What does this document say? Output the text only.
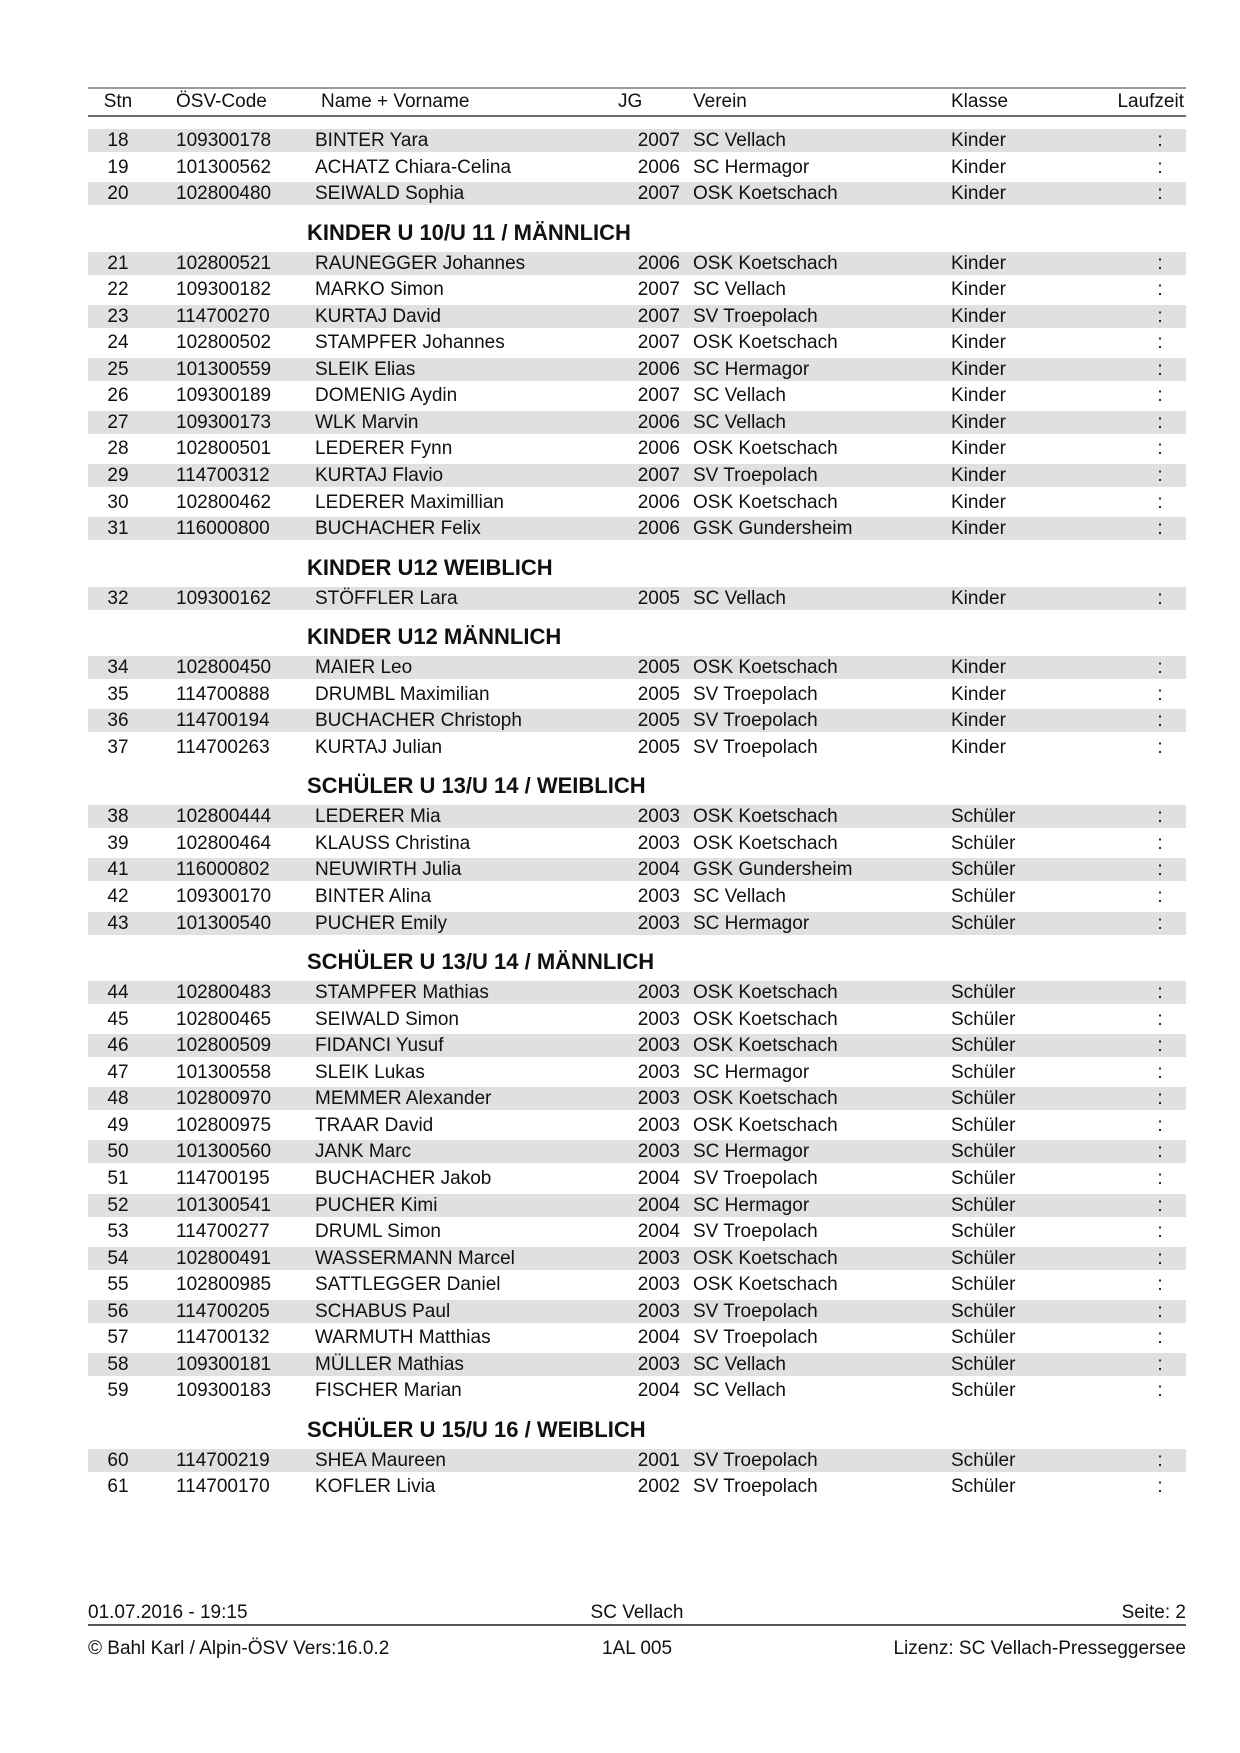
Stn	ÖSV-Code	Name + Vorname	JG	Verein	Klasse	Laufzeit
18	109300178 BINTER Yara	2007 SC Vellach	Kinder	:
19	101300562 ACHATZ Chiara-Celina	2006 SC Hermagor	Kinder	:
20	102800480 SEIWALD Sophia	2007 OSK Koetschach	Kinder	:
KINDER U 10/U 11 / MÄNNLICH
21	102800521 RAUNEGGER Johannes	2006 OSK Koetschach	Kinder	:
22	109300182 MARKO Simon	2007 SC Vellach	Kinder	:
23	114700270 KURTAJ David	2007 SV Troepolach	Kinder	:
24	102800502 STAMPFER Johannes	2007 OSK Koetschach	Kinder	:
25	101300559 SLEIK Elias	2006 SC Hermagor	Kinder	:
26	109300189 DOMENIG Aydin	2007 SC Vellach	Kinder	:
27	109300173 WLK Marvin	2006 SC Vellach	Kinder	:
28	102800501 LEDERER Fynn	2006 OSK Koetschach	Kinder	:
29	114700312 KURTAJ Flavio	2007 SV Troepolach	Kinder	:
30	102800462 LEDERER Maximillian	2006 OSK Koetschach	Kinder	:
31	116000800 BUCHACHER Felix	2006 GSK Gundersheim	Kinder	:
KINDER U12 WEIBLICH
32	109300162 STÖFFLER Lara	2005 SC Vellach	Kinder	:
KINDER U12 MÄNNLICH
34	102800450 MAIER Leo	2005 OSK Koetschach	Kinder	:
35	114700888 DRUMBL Maximilian	2005 SV Troepolach	Kinder	:
36	114700194 BUCHACHER Christoph	2005 SV Troepolach	Kinder	:
37	114700263 KURTAJ Julian	2005 SV Troepolach	Kinder	:
SCHÜLER U 13/U 14 / WEIBLICH
38	102800444 LEDERER Mia	2003 OSK Koetschach	Schüler	:
39	102800464 KLAUSS Christina	2003 OSK Koetschach	Schüler	:
41	116000802 NEUWIRTH Julia	2004 GSK Gundersheim	Schüler	:
42	109300170 BINTER Alina	2003 SC Vellach	Schüler	:
43	101300540 PUCHER Emily	2003 SC Hermagor	Schüler	:
SCHÜLER U 13/U 14 / MÄNNLICH
44	102800483 STAMPFER Mathias	2003 OSK Koetschach	Schüler	:
45	102800465 SEIWALD Simon	2003 OSK Koetschach	Schüler	:
46	102800509 FIDANCI Yusuf	2003 OSK Koetschach	Schüler	:
47	101300558 SLEIK Lukas	2003 SC Hermagor	Schüler	:
48	102800970 MEMMER Alexander	2003 OSK Koetschach	Schüler	:
49	102800975 TRAAR David	2003 OSK Koetschach	Schüler	:
50	101300560 JANK Marc	2003 SC Hermagor	Schüler	:
51	114700195 BUCHACHER Jakob	2004 SV Troepolach	Schüler	:
52	101300541 PUCHER Kimi	2004 SC Hermagor	Schüler	:
53	114700277 DRUML Simon	2004 SV Troepolach	Schüler	:
54	102800491 WASSERMANN Marcel	2003 OSK Koetschach	Schüler	:
55	102800985 SATTLEGGER Daniel	2003 OSK Koetschach	Schüler	:
56	114700205 SCHABUS Paul	2003 SV Troepolach	Schüler	:
57	114700132 WARMUTH Matthias	2004 SV Troepolach	Schüler	:
58	109300181 MÜLLER Mathias	2003 SC Vellach	Schüler	:
59	109300183 FISCHER Marian	2004 SC Vellach	Schüler	:
SCHÜLER U 15/U 16 / WEIBLICH
60	114700219 SHEA Maureen	2001 SV Troepolach	Schüler	:
61	114700170 KOFLER Livia	2002 SV Troepolach	Schüler	:
01.07.2016 - 19:15	SC Vellach	Seite: 2
© Bahl Karl / Alpin-ÖSV Vers:16.0.2	1AL 005	Lizenz: SC Vellach-Presseggersee
